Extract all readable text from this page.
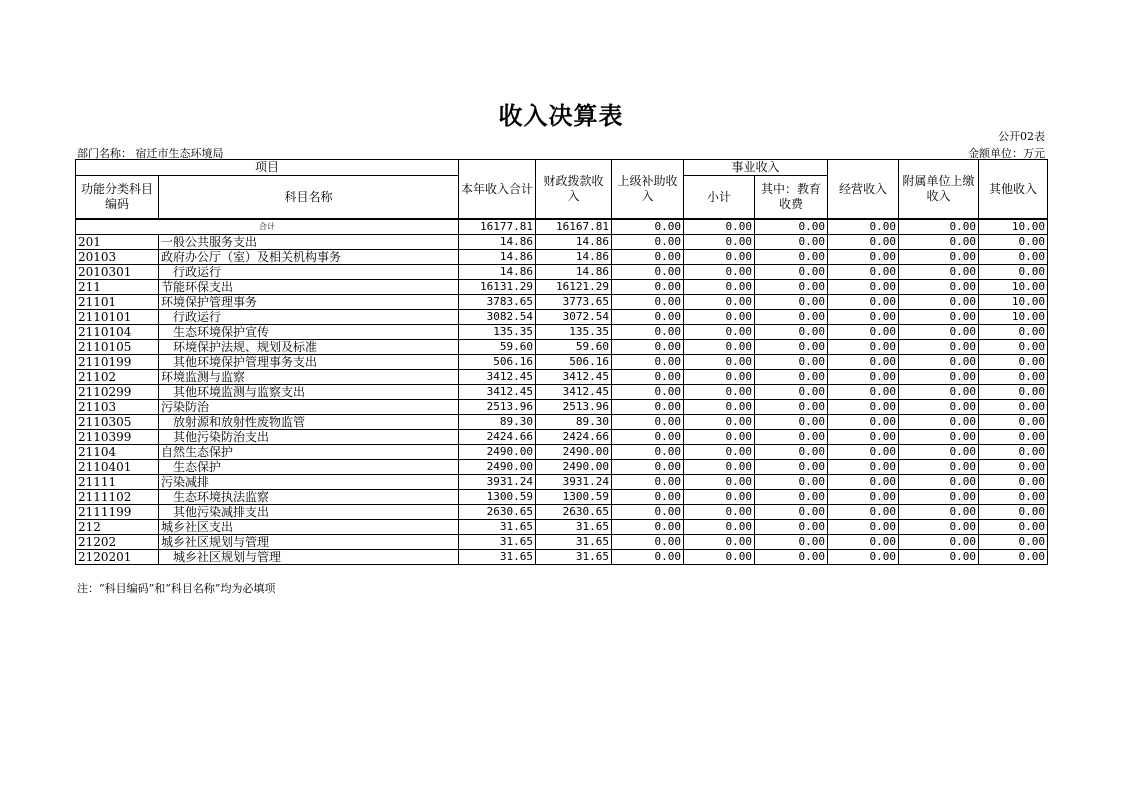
收入决算表
公开02表
部门名称： 宿迁市生态环境局	金额单位：万元
项目		本年收入合计	财政拨款收入	上级补助收入	事业收入		经营收入	附属单位上缴收入	其他收入
功能分类科目编码	科目名称				小计	其中：教育收费			
合计		16177.81	16167.81	0.00	0.00	0.00	0.00	0.00	10.00
201	一般公共服务支出	14.86	14.86	0.00	0.00	0.00	0.00	0.00	0.00
20103	政府办公厅（室）及相关机构事务	14.86	14.86	0.00	0.00	0.00	0.00	0.00	0.00
2010301	行政运行	14.86	14.86	0.00	0.00	0.00	0.00	0.00	0.00
211	节能环保支出	16131.29	16121.29	0.00	0.00	0.00	0.00	0.00	10.00
21101	环境保护管理事务	3783.65	3773.65	0.00	0.00	0.00	0.00	0.00	10.00
2110101	行政运行	3082.54	3072.54	0.00	0.00	0.00	0.00	0.00	10.00
2110104	生态环境保护宣传	135.35	135.35	0.00	0.00	0.00	0.00	0.00	0.00
2110105	环境保护法规、规划及标准	59.60	59.60	0.00	0.00	0.00	0.00	0.00	0.00
2110199	其他环境保护管理事务支出	506.16	506.16	0.00	0.00	0.00	0.00	0.00	0.00
21102	环境监测与监察	3412.45	3412.45	0.00	0.00	0.00	0.00	0.00	0.00
2110299	其他环境监测与监察支出	3412.45	3412.45	0.00	0.00	0.00	0.00	0.00	0.00
21103	污染防治	2513.96	2513.96	0.00	0.00	0.00	0.00	0.00	0.00
2110305	放射源和放射性废物监管	89.30	89.30	0.00	0.00	0.00	0.00	0.00	0.00
2110399	其他污染防治支出	2424.66	2424.66	0.00	0.00	0.00	0.00	0.00	0.00
21104	自然生态保护	2490.00	2490.00	0.00	0.00	0.00	0.00	0.00	0.00
2110401	生态保护	2490.00	2490.00	0.00	0.00	0.00	0.00	0.00	0.00
21111	污染减排	3931.24	3931.24	0.00	0.00	0.00	0.00	0.00	0.00
2111102	生态环境执法监察	1300.59	1300.59	0.00	0.00	0.00	0.00	0.00	0.00
2111199	其他污染减排支出	2630.65	2630.65	0.00	0.00	0.00	0.00	0.00	0.00
212	城乡社区支出	31.65	31.65	0.00	0.00	0.00	0.00	0.00	0.00
21202	城乡社区规划与管理	31.65	31.65	0.00	0.00	0.00	0.00	0.00	0.00
2120201	城乡社区规划与管理	31.65	31.65	0.00	0.00	0.00	0.00	0.00	0.00
注：“科目编码”和“科目名称”均为必填项
